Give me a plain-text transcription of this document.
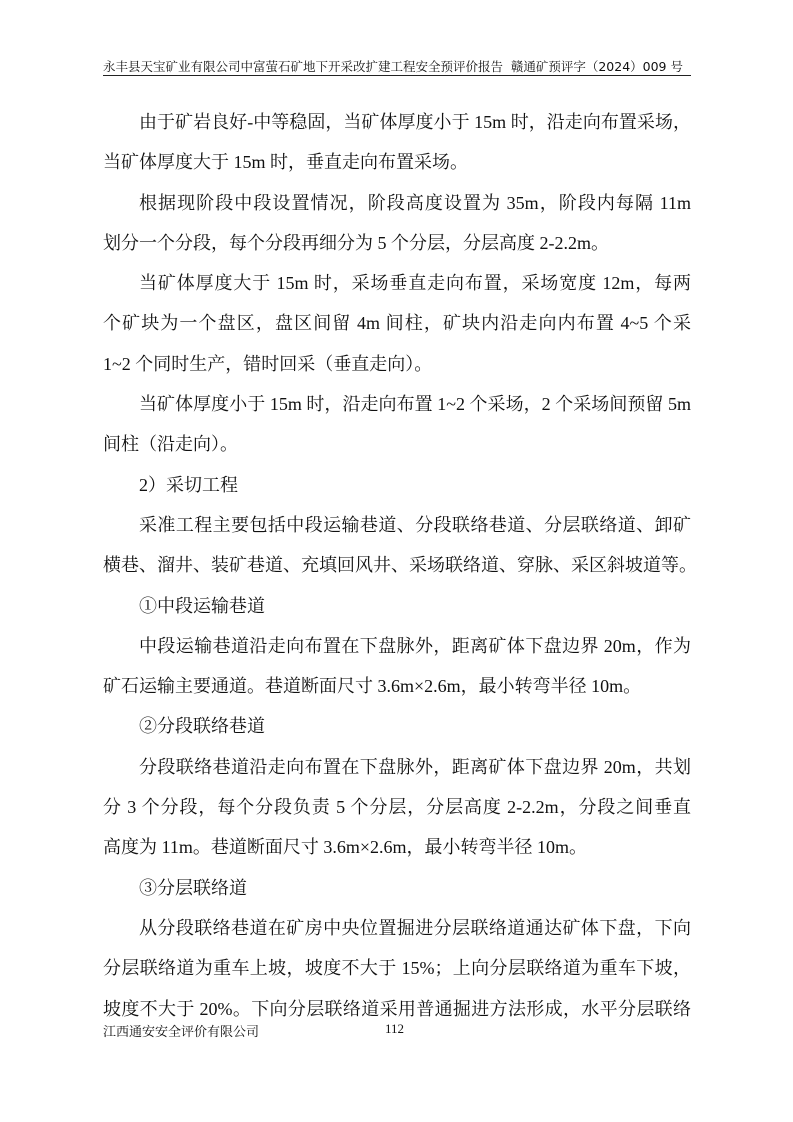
永丰县天宝矿业有限公司中富萤石矿地下开采改扩建工程安全预评价报告 赣通矿预评字（2024）009 号
由于矿岩良好-中等稳固，当矿体厚度小于 15m 时，沿走向布置采场，
当矿体厚度大于 15m 时，垂直走向布置采场。
根据现阶段中段设置情况，阶段高度设置为 35m，阶段内每隔 11m
划分一个分段，每个分段再细分为 5 个分层，分层高度 2-2.2m。
当矿体厚度大于 15m 时，采场垂直走向布置，采场宽度 12m，每两
个矿块为一个盘区，盘区间留 4m 间柱，矿块内沿走向内布置 4~5 个采
1~2 个同时生产，错时回采（垂直走向）。
当矿体厚度小于 15m 时，沿走向布置 1~2 个采场，2 个采场间预留 5m
间柱（沿走向）。
2）采切工程
采准工程主要包括中段运输巷道、分段联络巷道、分层联络道、卸矿
横巷、溜井、装矿巷道、充填回风井、采场联络道、穿脉、采区斜坡道等。
①中段运输巷道
中段运输巷道沿走向布置在下盘脉外，距离矿体下盘边界 20m，作为
矿石运输主要通道。巷道断面尺寸 3.6m×2.6m，最小转弯半径 10m。
②分段联络巷道
分段联络巷道沿走向布置在下盘脉外，距离矿体下盘边界 20m，共划
分 3 个分段，每个分段负责 5 个分层，分层高度 2-2.2m，分段之间垂直
高度为 11m。巷道断面尺寸 3.6m×2.6m，最小转弯半径 10m。
③分层联络道
从分段联络巷道在矿房中央位置掘进分层联络道通达矿体下盘，下向
分层联络道为重车上坡，坡度不大于 15%；上向分层联络道为重车下坡，
坡度不大于 20%。下向分层联络道采用普通掘进方法形成，水平分层联络
江西通安安全评价有限公司	112
